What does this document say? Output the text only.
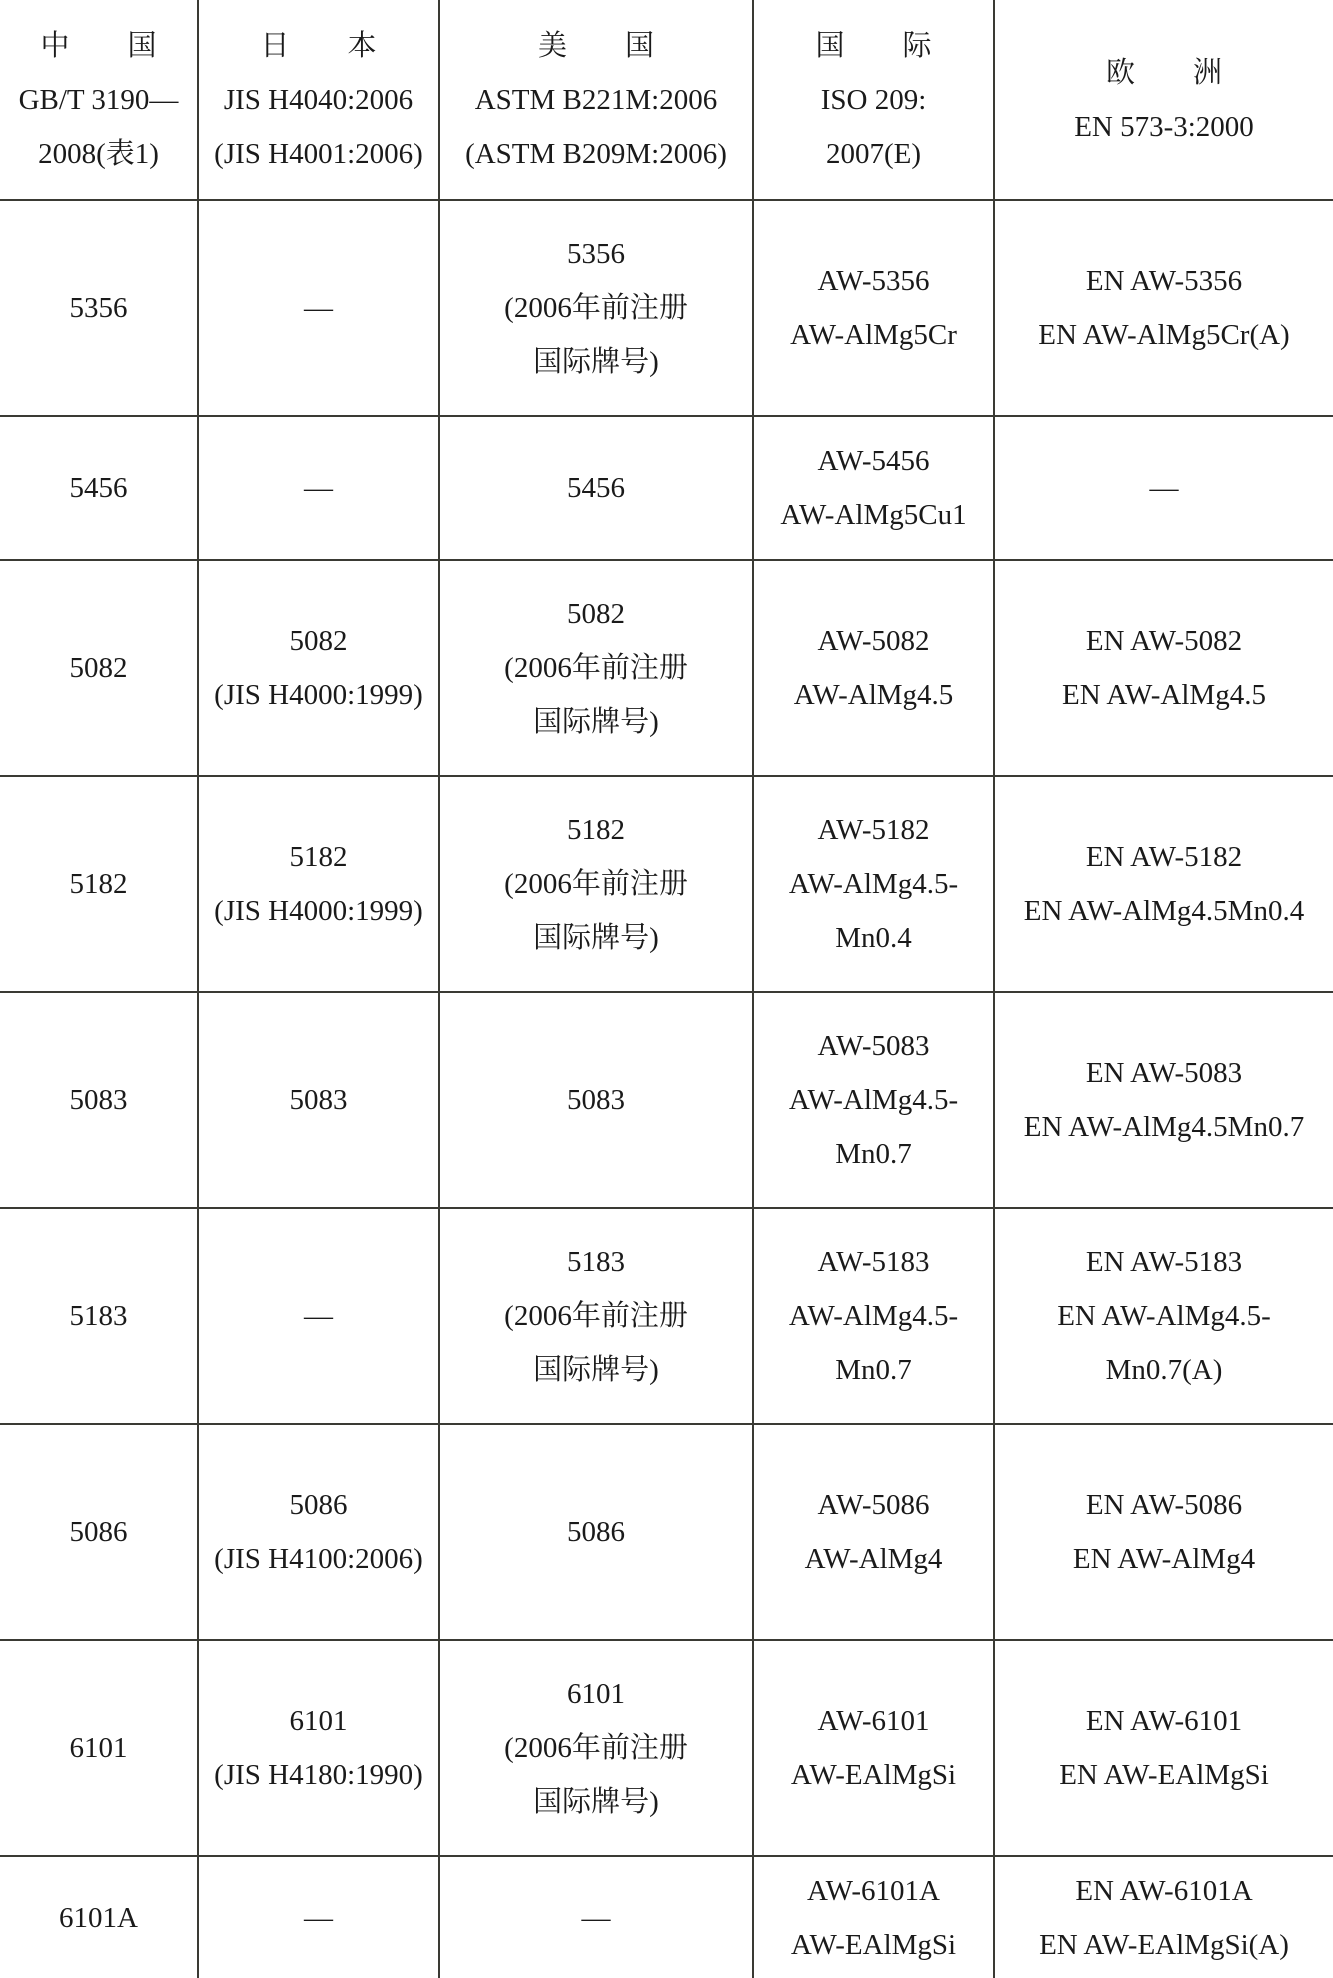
中　　国
GB/T 3190—
2008(表1)	日　　本
JIS H4040:2006
(JIS H4001:2006)	美　　国
ASTM B221M:2006
(ASTM B209M:2006)	国　　际
ISO 209:
2007(E)	欧　　洲
EN 573-3:2000

5356	—	5356
(2006年前注册
国际牌号)	AW-5356
AW-AlMg5Cr	EN AW-5356
EN AW-AlMg5Cr(A)

5456	—	5456	AW-5456
AW-AlMg5Cu1	—

5082	5082
(JIS H4000:1999)	5082
(2006年前注册
国际牌号)	AW-5082
AW-AlMg4.5	EN AW-5082
EN AW-AlMg4.5

5182	5182
(JIS H4000:1999)	5182
(2006年前注册
国际牌号)	AW-5182
AW-AlMg4.5-
Mn0.4	EN AW-5182
EN AW-AlMg4.5Mn0.4

5083	5083	5083	AW-5083
AW-AlMg4.5-
Mn0.7	EN AW-5083
EN AW-AlMg4.5Mn0.7

5183	—	5183
(2006年前注册
国际牌号)	AW-5183
AW-AlMg4.5-
Mn0.7	EN AW-5183
EN AW-AlMg4.5-
Mn0.7(A)

5086	5086
(JIS H4100:2006)	5086	AW-5086
AW-AlMg4	EN AW-5086
EN AW-AlMg4

6101	6101
(JIS H4180:1990)	6101
(2006年前注册
国际牌号)	AW-6101
AW-EAlMgSi	EN AW-6101
EN AW-EAlMgSi

6101A	—	—	AW-6101A
AW-EAlMgSi	EN AW-6101A
EN AW-EAlMgSi(A)
